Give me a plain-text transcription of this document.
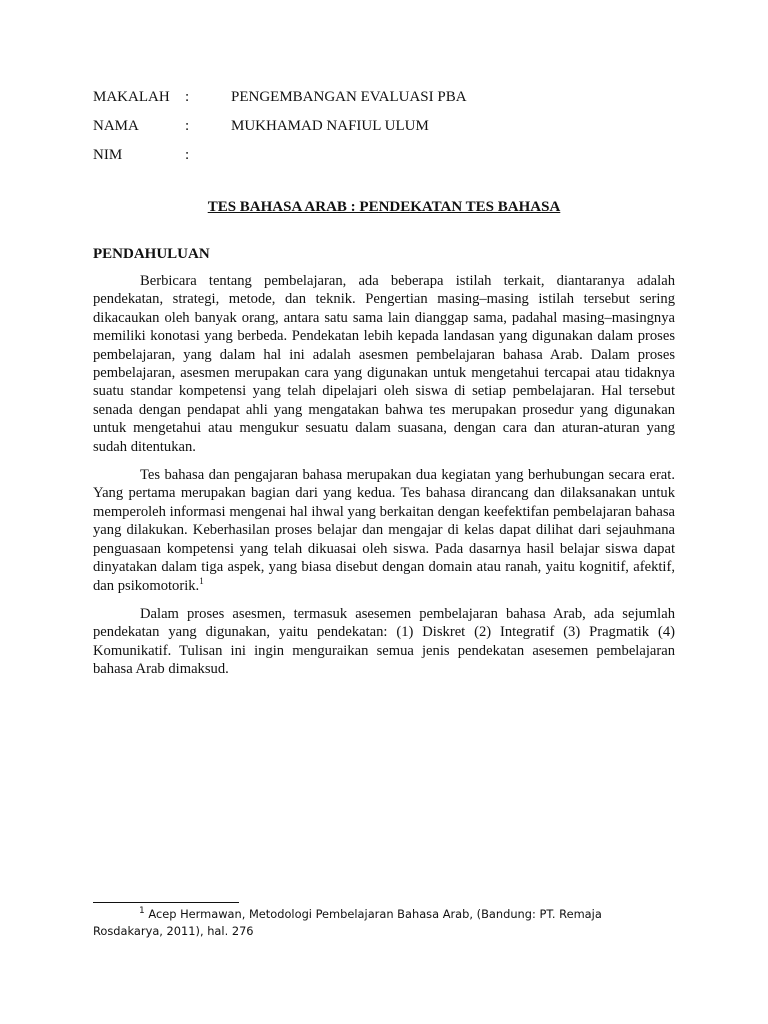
MAKALAH	:	PENGEMBANGAN EVALUASI PBA
NAMA	:	MUKHAMAD NAFIUL ULUM
NIM	:
TES BAHASA ARAB : PENDEKATAN TES BAHASA
PENDAHULUAN

Berbicara tentang pembelajaran, ada beberapa istilah terkait, diantaranya adalah pendekatan, strategi, metode, dan teknik. Pengertian masing–masing istilah tersebut sering dikacaukan oleh banyak orang, antara satu sama lain dianggap sama, padahal masing–masingnya memiliki konotasi yang berbeda. Pendekatan lebih kepada landasan yang digunakan dalam proses pembelajaran, yang dalam hal ini adalah asesmen pembelajaran bahasa Arab. Dalam proses pembelajaran, asesmen merupakan cara yang digunakan untuk mengetahui tercapai atau tidaknya suatu standar kompetensi yang telah dipelajari oleh siswa di setiap pembelajaran. Hal tersebut senada dengan pendapat ahli yang mengatakan bahwa tes merupakan prosedur yang digunakan untuk mengetahui atau mengukur sesuatu dalam suasana, dengan cara dan aturan-aturan yang sudah ditentukan.

Tes bahasa dan pengajaran bahasa merupakan dua kegiatan yang berhubungan secara erat. Yang pertama merupakan bagian dari yang kedua. Tes bahasa dirancang dan dilaksanakan untuk memperoleh informasi mengenai hal ihwal yang berkaitan dengan keefektifan pembelajaran bahasa yang dilakukan. Keberhasilan proses belajar dan mengajar di kelas dapat dilihat dari sejauhmana penguasaan kompetensi yang telah dikuasai oleh siswa. Pada dasarnya hasil belajar siswa dapat dinyatakan dalam tiga aspek, yang biasa disebut dengan domain atau ranah, yaitu kognitif, afektif, dan psikomotorik.$^1$

Dalam proses asesmen, termasuk asesemen pembelajaran bahasa Arab, ada sejumlah pendekatan yang digunakan, yaitu pendekatan: (1) Diskret (2) Integratif (3) Pragmatik (4) Komunikatif. Tulisan ini ingin menguraikan semua jenis pendekatan asesemen pembelajaran bahasa Arab dimaksud.

$^1$ Acep Hermawan, Metodologi Pembelajaran Bahasa Arab, (Bandung: PT. Remaja Rosdakarya, 2011), hal. 276
